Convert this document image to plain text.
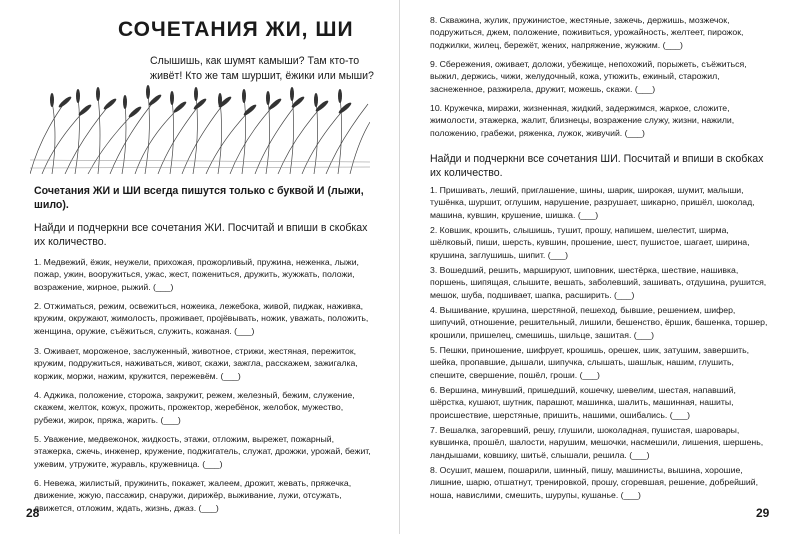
СОЧЕТАНИЯ ЖИ, ШИ
Слышишь, как шумят камыши? Там кто-то живёт! Кто же там шуршит, ёжики или мыши?
Сочетания ЖИ и ШИ всегда пишутся только с буквой И (лыжи, шило).
Найди и подчеркни все сочетания ЖИ. Посчитай и впиши в скобках их количество.
1. Медвежий, ёжик, неужели, прихожая, прожорливый, пружина, неженка, лыжи, пожар, ужин, вооружиться, ужас, жест, пожениться, дружить, жужжать, положи, возражение, жирное, рыжий. (___)
2. Отжиматься, режим, освежиться, ножеика, лежебока, живой, пиджак, наживка, кружим, окружают, жимолость, проживает, пројёвывать, ножик, уважать, положить, женщина, оружие, съёжиться, служить, кожаная. (___)
3. Оживает, мороженое, заслуженный, животное, стрижи, жестяная, пережиток, кружим, подружиться, наживаться, живот, скажи, зажгла, расскажем, зажигалка, коржик, моржи, нажим, кружится, пережевём. (___)
4. Аджика, положение, сторожа, закружит, режем, железный, бежим, служение, скажем, желток, кожух, прожить, прожектор, жеребёнок, желобок, мужество, рубежи, жирок, пряжа, жарить. (___)
5. Уважение, медвежонок, жидкость, этажи, отложим, вырежет, пожарный, этажерка, сжечь, инженер, кружение, поджигатель, служат, дрожжи, урожай, бежит, ужевим, утружите, журавль, кружевница. (___)
6. Невежа, жилистый, пружинить, покажет, жалеем, дрожит, жевать, пряжечка, движение, жжую, пассажир, снаружи, дирижёр, выживание, лужи, отсужать, движется, отложим, ждать, жизнь, джаз. (___)
28
8. Скважина, жулик, пружинистое, жестяные, зажечь, держишь, мозжечок, подружиться, джем, положение, поживиться, урожайность, желтеет, пирожок, поджилки, жилец, бережёт, жених, напряжение, жужжим. (___)
9. Сбережения, оживает, доложи, убежище, непохожий, порыжеть, съёжиться, выжил, держись, чижи, желудочный, кожа, утюжить, ежиный, старожил, заснеженное, разжирела, дружит, можешь, скажи. (___)
10. Кружечка, миражи, жизненная, жидкий, задержимся, жаркое, сложите, жимолости, этажерка, жалит, близнецы, возражение служу, жизни, нажили, положению, грабежи, ряженка, лужок, живучий. (___)
Найди и подчеркни все сочетания ШИ. Посчитай и впиши в скобках их количество.
1. Пришивать, леший, приглашение, шины, шарик, широкая, шумит, малыши, тушёнка, шуршит, оглушим, нарушение, разрушает, шикарно, пришёл, шоколад, машина, кувшин, крушение, шишка. (___)
2. Ковшик, крошить, слышишь, тушит, прошу, напишем, шелестит, ширма, шёлковый, пиши, шерсть, кувшин, прошение, шест, пушистое, шагает, ширина, крушина, заглушишь, шипит. (___)
3. Вошедший, решить, маршируют, шиповник, шестёрка, шествие, нашивка, поршень, шипящая, слышите, вешать, заболевший, зашивать, отдушина, рушится, мешок, шуба, подшивает, шапка, расширить. (___)
4. Вышивание, крушина, шерстяной, пешеход, бывшие, решением, шифер, шипучий, отношение, решительный, лишили, бешенство, ёршик, башенка, торшер, крошили, пришелец, смешишь, шильце, зашитая. (___)
5. Пешки, приношение, шифрует, крошишь, орешек, шик, затушим, завершить, шейка, пропавшие, дышали, шипучка, слышать, шашлык, нашим, глушить, спешите, свершение, пошёл, гроши. (___)
6. Вершина, минувший, пришедший, кошечку, шевелим, шестая, напавший, шёрстка, кушают, шутник, парашют, машинка, шалить, машинная, нашиты, происшествие, шерстяные, пришить, нашими, ошибались. (___)
7. Вешалка, загоревший, решу, глушили, шоколадная, пушистая, шаровары, кувшинка, прошёл, шалости, нарушим, мешочки, насмешили, лишения, шершень, ландышами, ковшику, шитьё, слышали, решила. (___)
8. Осушит, машем, пошарили, шинный, пишу, машинисты, вышина, хорошие, лишние, шарю, отшатнут, тренирoвкой, прошу, сгоревшая, решение, добрейший, ноша, навислими, смешить, шурупы, кушанье. (___)
29
